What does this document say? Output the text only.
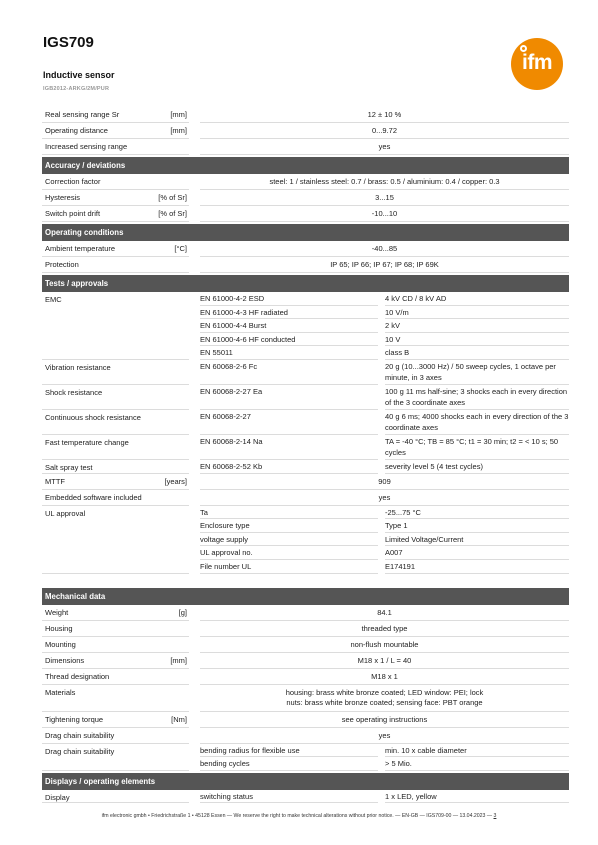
IGS709
Inductive sensor
IGB2012-ARKG/2M/PUR
ifm
Real sensing range Sr	[mm]	12 ± 10 %
Operating distance	[mm]	0...9.72
Increased sensing range	yes
Accuracy / deviations
Correction factor	steel: 1 / stainless steel: 0.7 / brass: 0.5 / aluminium: 0.4 / copper: 0.3
Hysteresis	[% of Sr]	3...15
Switch point drift	[% of Sr]	-10...10
Operating conditions
Ambient temperature	[°C]	-40...85
Protection	IP 65; IP 66; IP 67; IP 68; IP 69K
Tests / approvals
EMC	EN 61000-4-2 ESD	4 kV CD / 8 kV AD
EN 61000-4-3 HF radiated	10 V/m
EN 61000-4-4 Burst	2 kV
EN 61000-4-6 HF conducted	10 V
EN 55011	class B
Vibration resistance	EN 60068-2-6 Fc	20 g (10...3000 Hz) / 50 sweep cycles, 1 octave per minute, in 3 axes
Shock resistance	EN 60068-2-27 Ea	100 g 11 ms half-sine; 3 shocks each in every direction of the 3 coordinate axes
Continuous shock resistance	EN 60068-2-27	40 g 6 ms; 4000 shocks each in every direction of the 3 coordinate axes
Fast temperature change	EN 60068-2-14 Na	TA = -40 °C; TB = 85 °C; t1 = 30 min; t2 = < 10 s; 50 cycles
Salt spray test	EN 60068-2-52 Kb	severity level 5 (4 test cycles)
MTTF	[years]	909
Embedded software included	yes
UL approval	Ta	-25...75 °C
Enclosure type	Type 1
voltage supply	Limited Voltage/Current
UL approval no.	A007
File number UL	E174191
Mechanical data
Weight	[g]	84.1
Housing	threaded type
Mounting	non-flush mountable
Dimensions	[mm]	M18 x 1 / L = 40
Thread designation	M18 x 1
Materials	housing: brass white bronze coated; LED window: PEI; lock
nuts: brass white bronze coated; sensing face: PBT orange
Tightening torque	[Nm]	see operating instructions
Drag chain suitability	yes
Drag chain suitability	bending radius for flexible use	min. 10 x cable diameter
bending cycles	> 5 Mio.
Displays / operating elements
Display	switching status	1 x LED, yellow
ifm electronic gmbh • Friedrichstraße 1 • 45128 Essen — We reserve the right to make technical alterations without prior notice. — EN-GB — IGS709-00 — 13.04.2023 — 3
